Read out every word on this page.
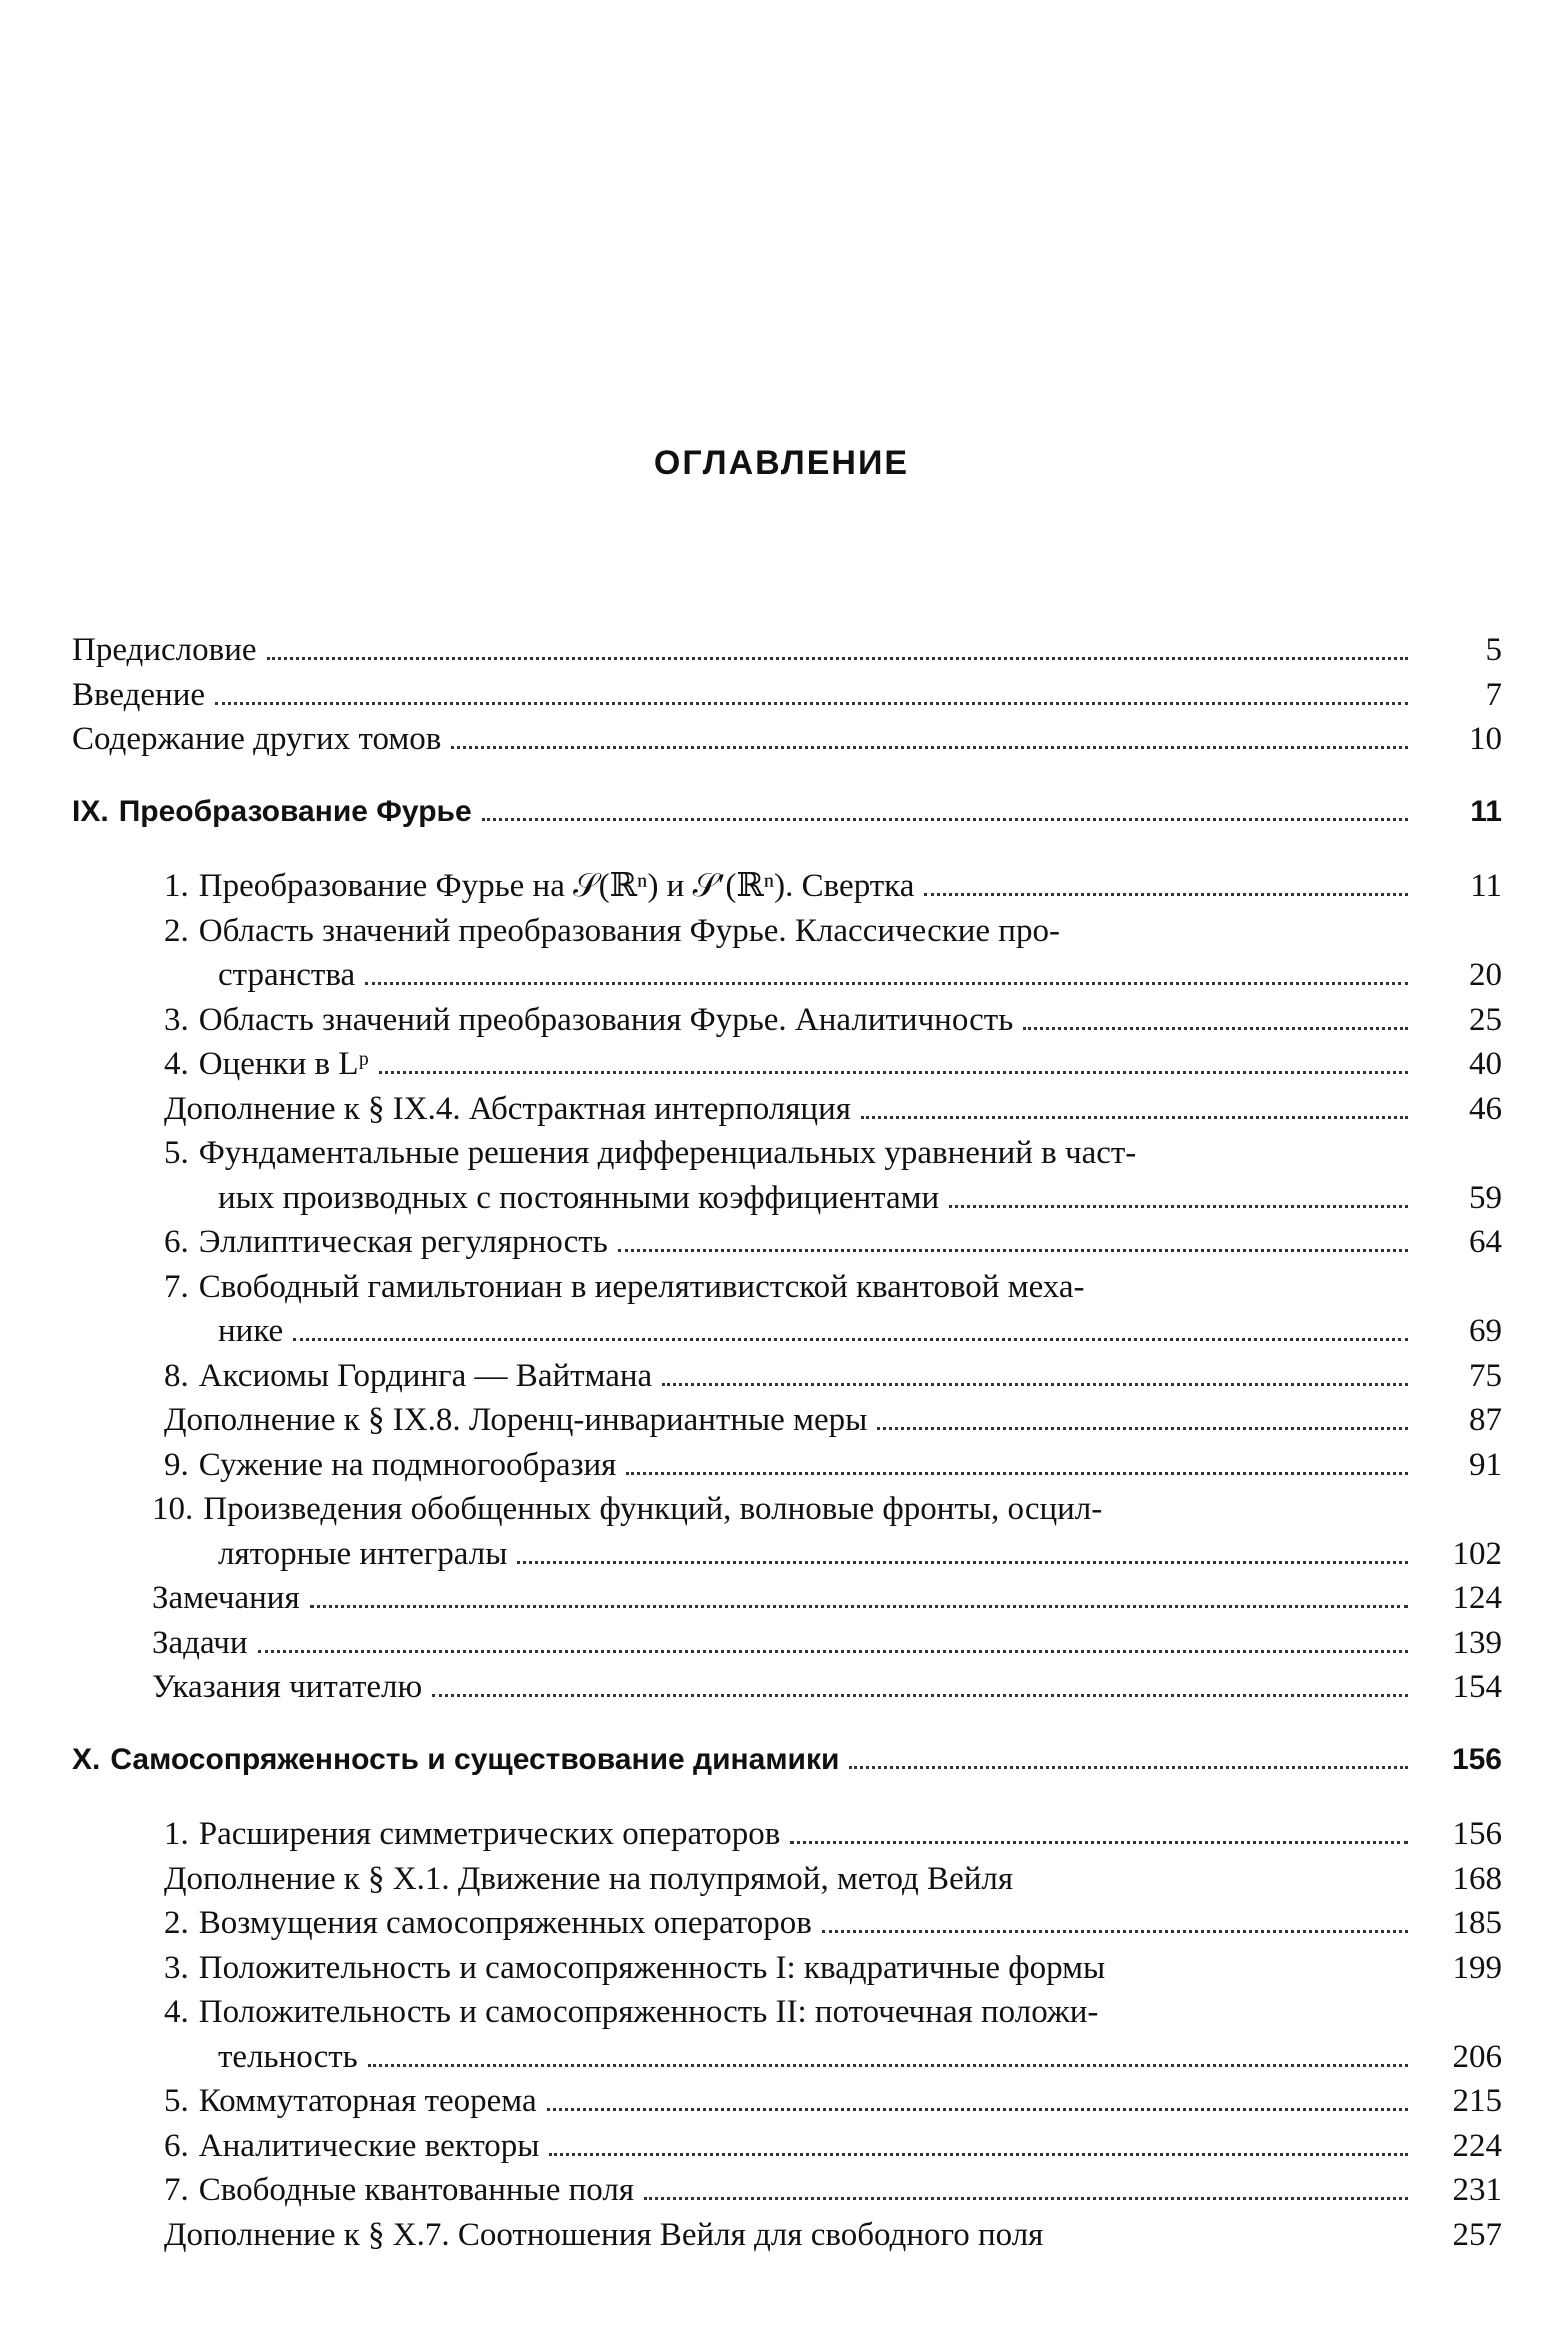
ОГЛАВЛЕНИЕ
Предисловие	5
Введение	7
Содержание других томов	10
IX. Преобразование Фурье	11
1. Преобразование Фурье на 𝒮(ℝⁿ) и 𝒮′(ℝⁿ). Свертка	11
2. Область значений преобразования Фурье. Классические про-
странства	20
3. Область значений преобразования Фурье. Аналитичность	25
4. Оценки в Lᵖ	40
Дополнение к § IX.4. Абстрактная интерполяция	46
5. Фундаментальные решения дифференциальных уравнений в част-
иых производных с постоянными коэффициентами	59
6. Эллиптическая регулярность	64
7. Свободный гамильтониан в иерелятивистской квантовой меха-
нике	69
8. Аксиомы Гординга — Вайтмана	75
Дополнение к § IX.8. Лоренц-инвариантные меры	87
9. Сужение на подмногообразия	91
10. Произведения обобщенных функций, волновые фронты, осцил-
ляторные интегралы	102
Замечания	124
Задачи	139
Указания читателю	154
X. Самосопряженность и существование динамики	156
1. Расширения симметрических операторов	156
Дополнение к § X.1. Движение на полупрямой, метод Вейля	168
2. Возмущения самосопряженных операторов	185
3. Положительность и самосопряженность I: квадратичные формы	199
4. Положительность и самосопряженность II: поточечная положи-
тельность	206
5. Коммутаторная теорема	215
6. Аналитические векторы	224
7. Свободные квантованные поля	231
Дополнение к § X.7. Соотношения Вейля для свободного поля	257
